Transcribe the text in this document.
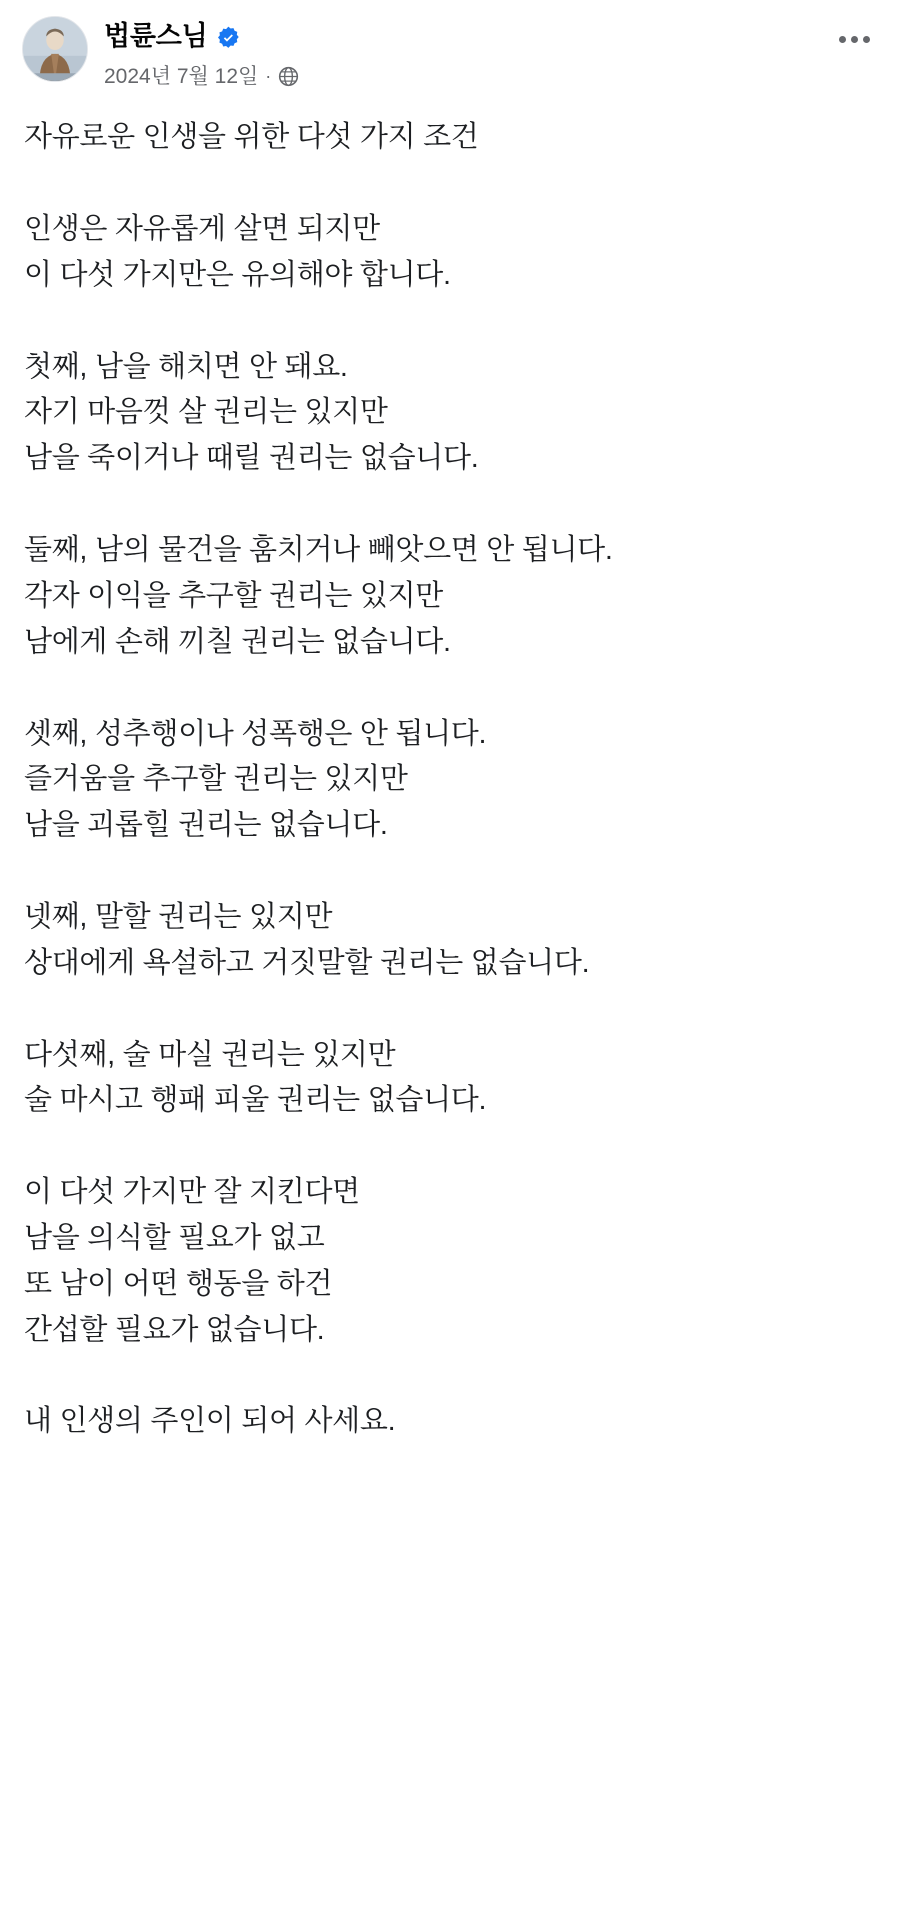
법륜스님
2024년 7월 12일 ·
자유로운 인생을 위한 다섯 가지 조건
인생은 자유롭게 살면 되지만
이 다섯 가지만은 유의해야 합니다.
첫째, 남을 해치면 안 돼요.
자기 마음껏 살 권리는 있지만
남을 죽이거나 때릴 권리는 없습니다.
둘째, 남의 물건을 훔치거나 빼앗으면 안 됩니다.
각자 이익을 추구할 권리는 있지만
남에게 손해 끼칠 권리는 없습니다.
셋째, 성추행이나 성폭행은 안 됩니다.
즐거움을 추구할 권리는 있지만
남을 괴롭힐 권리는 없습니다.
넷째, 말할 권리는 있지만
상대에게 욕설하고 거짓말할 권리는 없습니다.
다섯째, 술 마실 권리는 있지만
술 마시고 행패 피울 권리는 없습니다.
이 다섯 가지만 잘 지킨다면
남을 의식할 필요가 없고
또 남이 어떤 행동을 하건
간섭할 필요가 없습니다.
내 인생의 주인이 되어 사세요.
